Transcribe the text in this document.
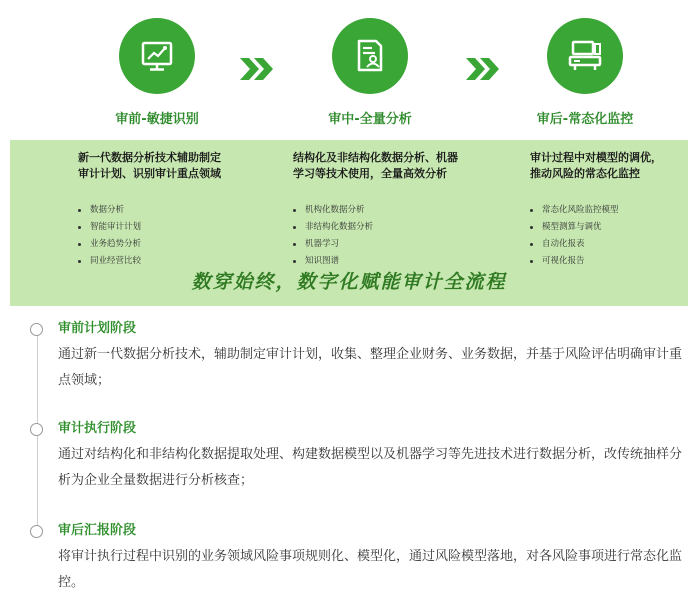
审前-敏捷识别	审中-全量分析	审后-常态化监控
新一代数据分析技术辅助制定
审计计划、识别审计重点领域
数据分析
智能审计计划
业务趋势分析
同业经营比较
结构化及非结构化数据分析、机器
学习等技术使用，全量高效分析
机构化数据分析
非结构化数据分析
机器学习
知识图谱
审计过程中对模型的调优，
推动风险的常态化监控
常态化风险监控模型
模型测算与调优
自动化报表
可视化报告
数穿始终，数字化赋能审计全流程
审前计划阶段
通过新一代数据分析技术，辅助制定审计计划，收集、整理企业财务、业务数据，并基于风险评估明确审计重点领域；
审计执行阶段
通过对结构化和非结构化数据提取处理、构建数据模型以及机器学习等先进技术进行数据分析，改传统抽样分析为企业全量数据进行分析核查；
审后汇报阶段
将审计执行过程中识别的业务领域风险事项规则化、模型化，通过风险模型落地，对各风险事项进行常态化监控。
